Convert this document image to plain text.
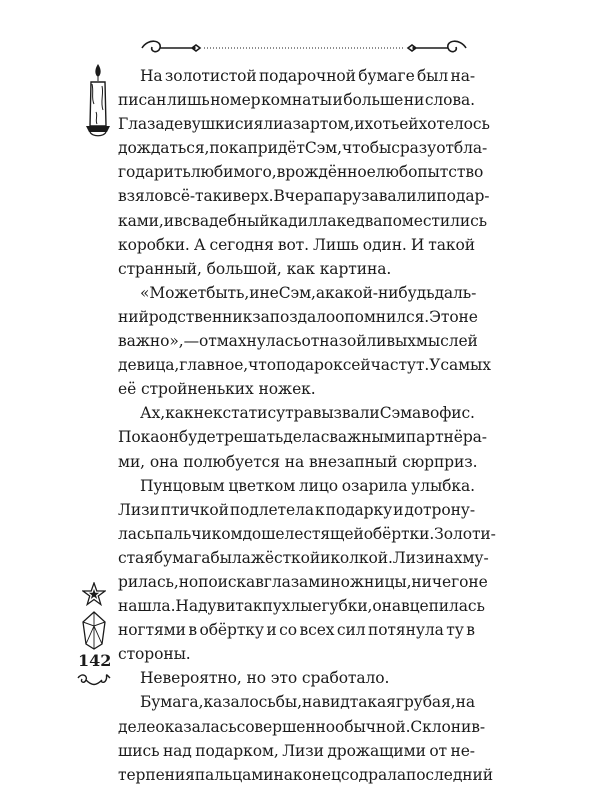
На золотистой подарочной бумаге был на-
писан лишь номер комнаты и больше ни слова.
Глаза девушки сияли азартом, и хоть ей хотелось
дождаться, пока придёт Сэм, чтобы сразу отбла-
годарить любимого, врождённое любопытство
взяло всё-таки верх. Вчера пару завалили подар-
ками, и в свадебный кадиллак едва поместились
коробки. А сегодня вот. Лишь один. И такой
странный, большой, как картина.
«Может быть, и не Сэм, а какой-нибудь даль-
ний родственник запоздало опомнился. Это не
важно», — отмахнулась от назойливых мыслей
девица, главное, что подарок сейчас тут. У самых
её стройненьких ножек.
Ах, как некстати с утра вызвали Сэма в офис.
Пока он будет решать дела с важными партнёра-
ми, она полюбуется на внезапный сюрприз.
Пунцовым цветком лицо озарила улыбка.
Лизи птичкой подлетела к подарку и дотрону-
лась пальчиком до шелестящей обёртки. Золоти-
стая бумага была жёсткой и колкой. Лизи нахму-
рилась, но поискав глазами ножницы, ничего не
нашла. Надув и так пухлые губки, она вцепилась
ногтями в обёртку и со всех сил потянула ту в
стороны.
Невероятно, но это сработало.
Бумага, казалось бы, на вид такая грубая, на
деле оказалась совершенно обычной. Склонив-
шись над подарком, Лизи дрожащими от не-
терпения пальцами наконец содрала последний
142
